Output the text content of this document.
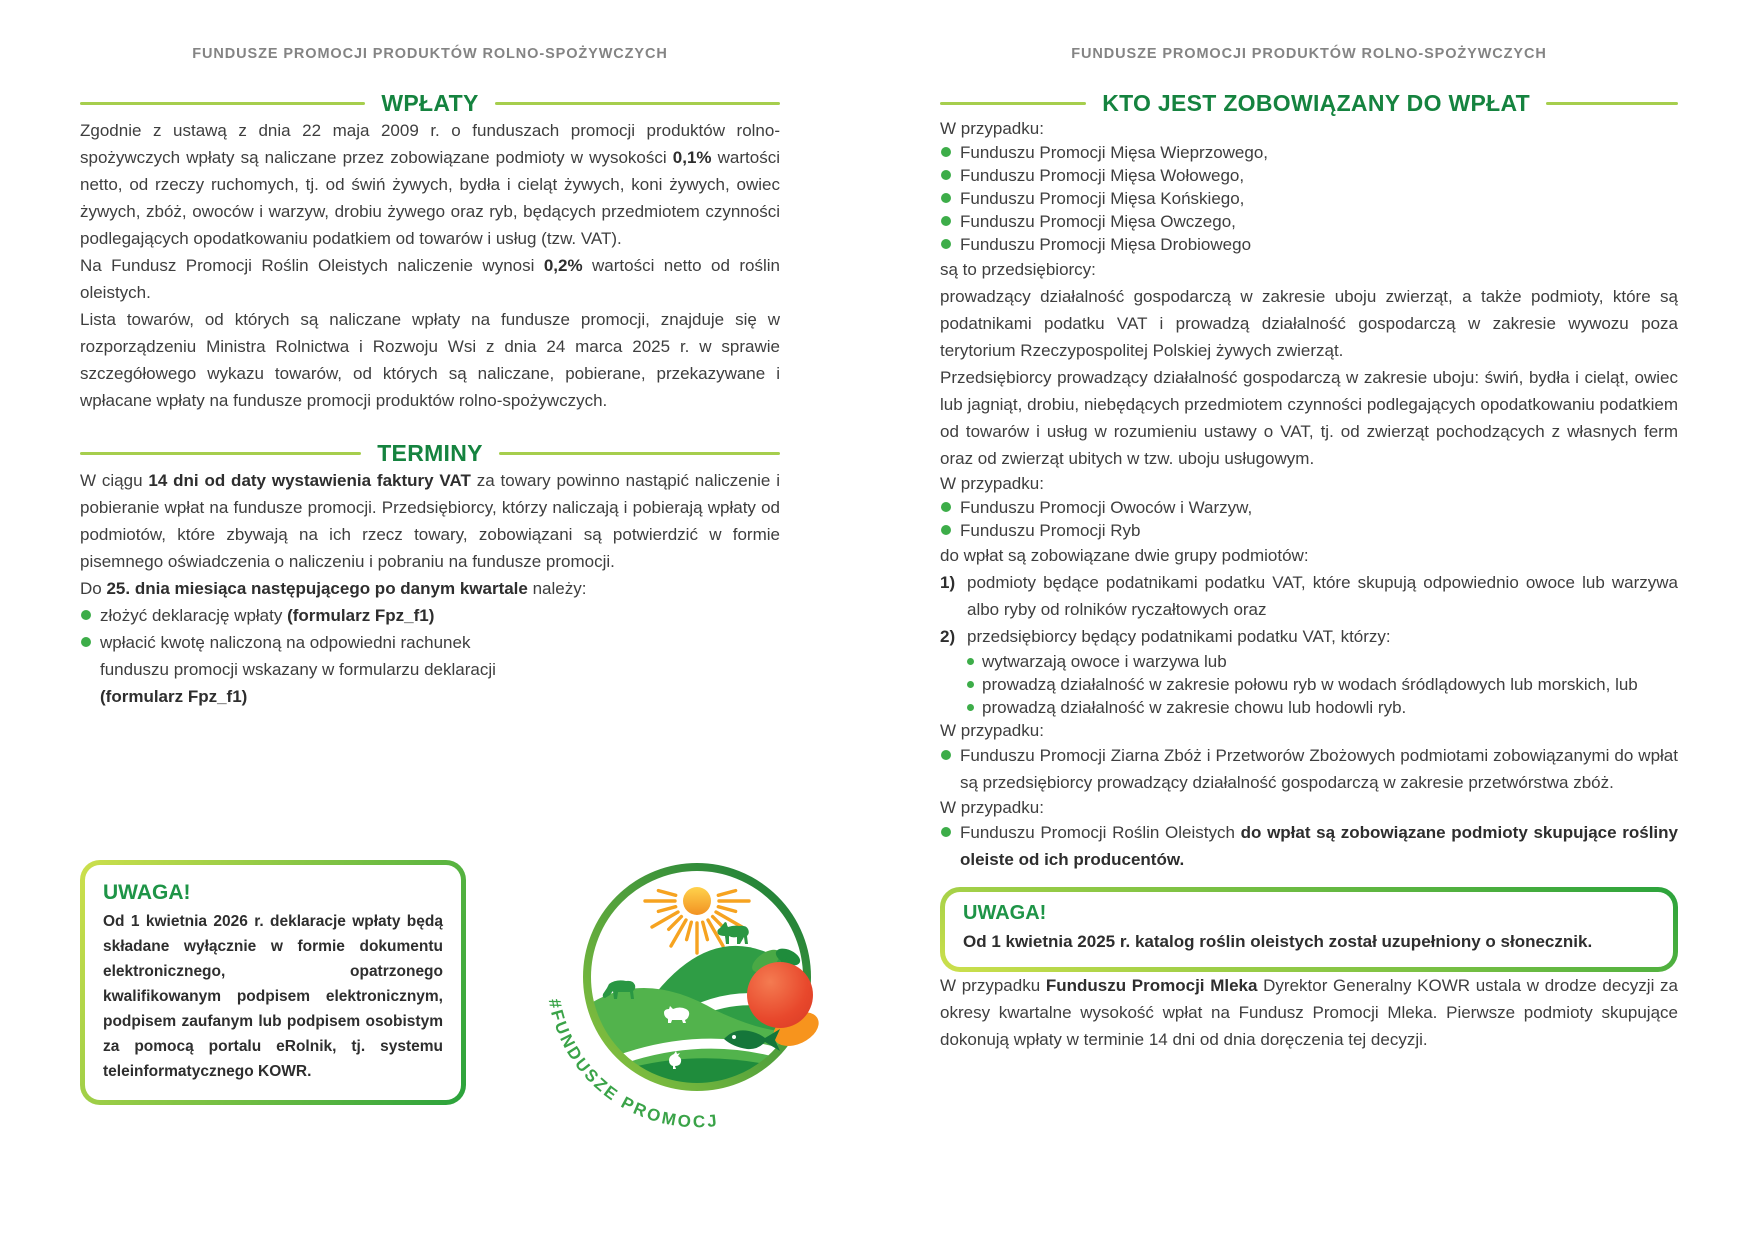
FUNDUSZE PROMOCJI PRODUKTÓW ROLNO-SPOŻYWCZYCH
WPŁATY

Zgodnie z ustawą z dnia 22 maja 2009 r. o funduszach promocji produktów rolno-spożywczych wpłaty są naliczane przez zobowiązane podmioty w wysokości 0,1% wartości netto, od rzeczy ruchomych, tj. od świń żywych, bydła i cieląt żywych, koni żywych, owiec żywych, zbóż, owoców i warzyw, drobiu żywego oraz ryb, będących przedmiotem czynności podlegających opodatkowaniu podatkiem od towarów i usług (tzw. VAT).

Na Fundusz Promocji Roślin Oleistych naliczenie wynosi 0,2% wartości netto od roślin oleistych.

Lista towarów, od których są naliczane wpłaty na fundusze promocji, znajduje się w rozporządzeniu Ministra Rolnictwa i Rozwoju Wsi z dnia 24 marca 2025 r. w sprawie szczegółowego wykazu towarów, od których są naliczane, pobierane, przekazywane i wpłacane wpłaty na fundusze promocji produktów rolno-spożywczych.

TERMINY

W ciągu 14 dni od daty wystawienia faktury VAT za towary powinno nastąpić naliczenie i pobieranie wpłat na fundusze promocji. Przedsiębiorcy, którzy naliczają i pobierają wpłaty od podmiotów, które zbywają na ich rzecz towary, zobowiązani są potwierdzić w formie pisemnego oświadczenia o naliczeniu i pobraniu na fundusze promocji.

Do 25. dnia miesiąca następującego po danym kwartale należy:

złożyć deklarację wpłaty (formularz Fpz_f1)
wpłacić kwotę naliczoną na odpowiedni rachunek
funduszu promocji wskazany w formularzu deklaracji
(formularz Fpz_f1)
UWAGA!

Od 1 kwietnia 2026 r. deklaracje wpłaty będą składane wyłącznie w formie dokumentu elektronicznego, opatrzonego kwalifikowanym podpisem elektronicznym, podpisem zaufanym lub podpisem osobistym za pomocą portalu eRolnik, tj. systemu teleinformatycznego KOWR.

#FUNDUSZE PROMOCJI
FUNDUSZE PROMOCJI PRODUKTÓW ROLNO-SPOŻYWCZYCH
KTO JEST ZOBOWIĄZANY DO WPŁAT

W przypadku:

Funduszu Promocji Mięsa Wieprzowego,
Funduszu Promocji Mięsa Wołowego,
Funduszu Promocji Mięsa Końskiego,
Funduszu Promocji Mięsa Owczego,
Funduszu Promocji Mięsa Drobiowego

są to przedsiębiorcy:

prowadzący działalność gospodarczą w zakresie uboju zwierząt, a także podmioty, które są podatnikami podatku VAT i prowadzą działalność gospodarczą w zakresie wywozu poza terytorium Rzeczypospolitej Polskiej żywych zwierząt.

Przedsiębiorcy prowadzący działalność gospodarczą w zakresie uboju: świń, bydła i cieląt, owiec lub jagniąt, drobiu, niebędących przedmiotem czynności podlegających opodatkowaniu podatkiem od towarów i usług w rozumieniu ustawy o VAT, tj. od zwierząt pochodzących z własnych ferm oraz od zwierząt ubitych w tzw. uboju usługowym.

W przypadku:

Funduszu Promocji Owoców i Warzyw,
Funduszu Promocji Ryb

do wpłat są zobowiązane dwie grupy podmiotów:

1) podmioty będące podatnikami podatku VAT, które skupują odpowiednio owoce lub warzywa albo ryby od rolników ryczałtowych oraz
2) przedsiębiorcy będący podatnikami podatku VAT, którzy:
wytwarzają owoce i warzywa lub
prowadzą działalność w zakresie połowu ryb w wodach śródlądowych lub morskich, lub
prowadzą działalność w zakresie chowu lub hodowli ryb.

W przypadku:

Funduszu Promocji Ziarna Zbóż i Przetworów Zbożowych podmiotami zobowiązanymi do wpłat są przedsiębiorcy prowadzący działalność gospodarczą w zakresie przetwórstwa zbóż.

W przypadku:

Funduszu Promocji Roślin Oleistych do wpłat są zobowiązane podmioty skupujące rośliny oleiste od ich producentów.
UWAGA!

Od 1 kwietnia 2025 r. katalog roślin oleistych został uzupełniony o słonecznik.

W przypadku Funduszu Promocji Mleka Dyrektor Generalny KOWR ustala w drodze decyzji za okresy kwartalne wysokość wpłat na Fundusz Promocji Mleka. Pierwsze podmioty skupujące dokonują wpłaty w terminie 14 dni od dnia doręczenia tej decyzji.
